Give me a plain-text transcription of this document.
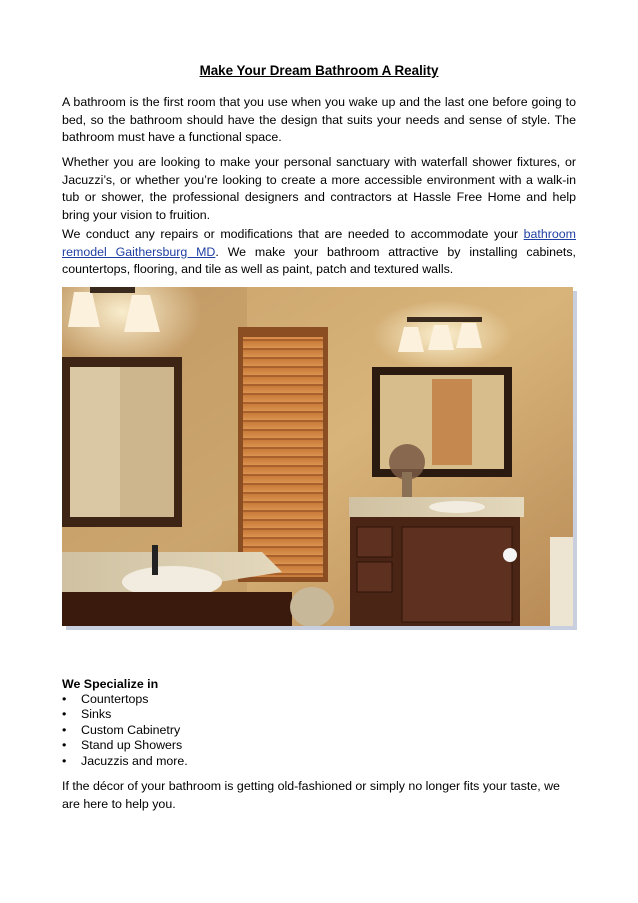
Make Your Dream Bathroom A Reality

A bathroom is the first room that you use when you wake up and the last one before going to bed, so the bathroom should have the design that suits your needs and sense of style. The bathroom must have a functional space.

Whether you are looking to make your personal sanctuary with waterfall shower fixtures, or Jacuzzi’s, or whether you’re looking to create a more accessible environment with a walk-in tub or shower, the professional designers and contractors at Hassle Free Home and help bring your vision to fruition.

We conduct any repairs or modifications that are needed to accommodate your bathroom remodel Gaithersburg MD. We make your bathroom attractive by installing cabinets, countertops, flooring, and tile as well as paint, patch and textured walls.

We Specialize in
• Countertops
• Sinks
• Custom Cabinetry
• Stand up Showers
• Jacuzzis and more.

If the décor of your bathroom is getting old-fashioned or simply no longer fits your taste, we are here to help you.
